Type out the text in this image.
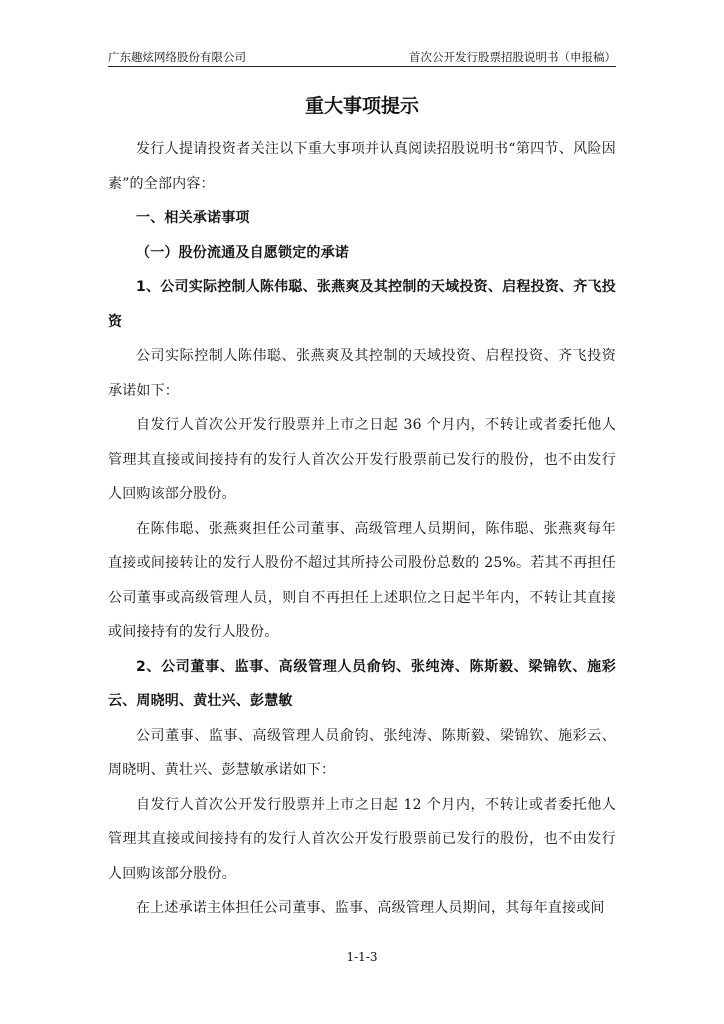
广东趣炫网络股份有限公司	首次公开发行股票招股说明书（申报稿）
重大事项提示

发行人提请投资者关注以下重大事项并认真阅读招股说明书“第四节、风险因素”的全部内容：

一、相关承诺事项

（一）股份流通及自愿锁定的承诺

1、公司实际控制人陈伟聪、张燕爽及其控制的天域投资、启程投资、齐飞投资

公司实际控制人陈伟聪、张燕爽及其控制的天域投资、启程投资、齐飞投资承诺如下：

自发行人首次公开发行股票并上市之日起 36 个月内，不转让或者委托他人管理其直接或间接持有的发行人首次公开发行股票前已发行的股份，也不由发行人回购该部分股份。

在陈伟聪、张燕爽担任公司董事、高级管理人员期间，陈伟聪、张燕爽每年直接或间接转让的发行人股份不超过其所持公司股份总数的 25%。若其不再担任公司董事或高级管理人员，则自不再担任上述职位之日起半年内，不转让其直接或间接持有的发行人股份。

2、公司董事、监事、高级管理人员俞钧、张纯涛、陈斯毅、梁锦钦、施彩云、周晓明、黄壮兴、彭慧敏

公司董事、监事、高级管理人员俞钧、张纯涛、陈斯毅、梁锦钦、施彩云、周晓明、黄壮兴、彭慧敏承诺如下：

自发行人首次公开发行股票并上市之日起 12 个月内，不转让或者委托他人管理其直接或间接持有的发行人首次公开发行股票前已发行的股份，也不由发行人回购该部分股份。

在上述承诺主体担任公司董事、监事、高级管理人员期间，其每年直接或间

1-1-3
